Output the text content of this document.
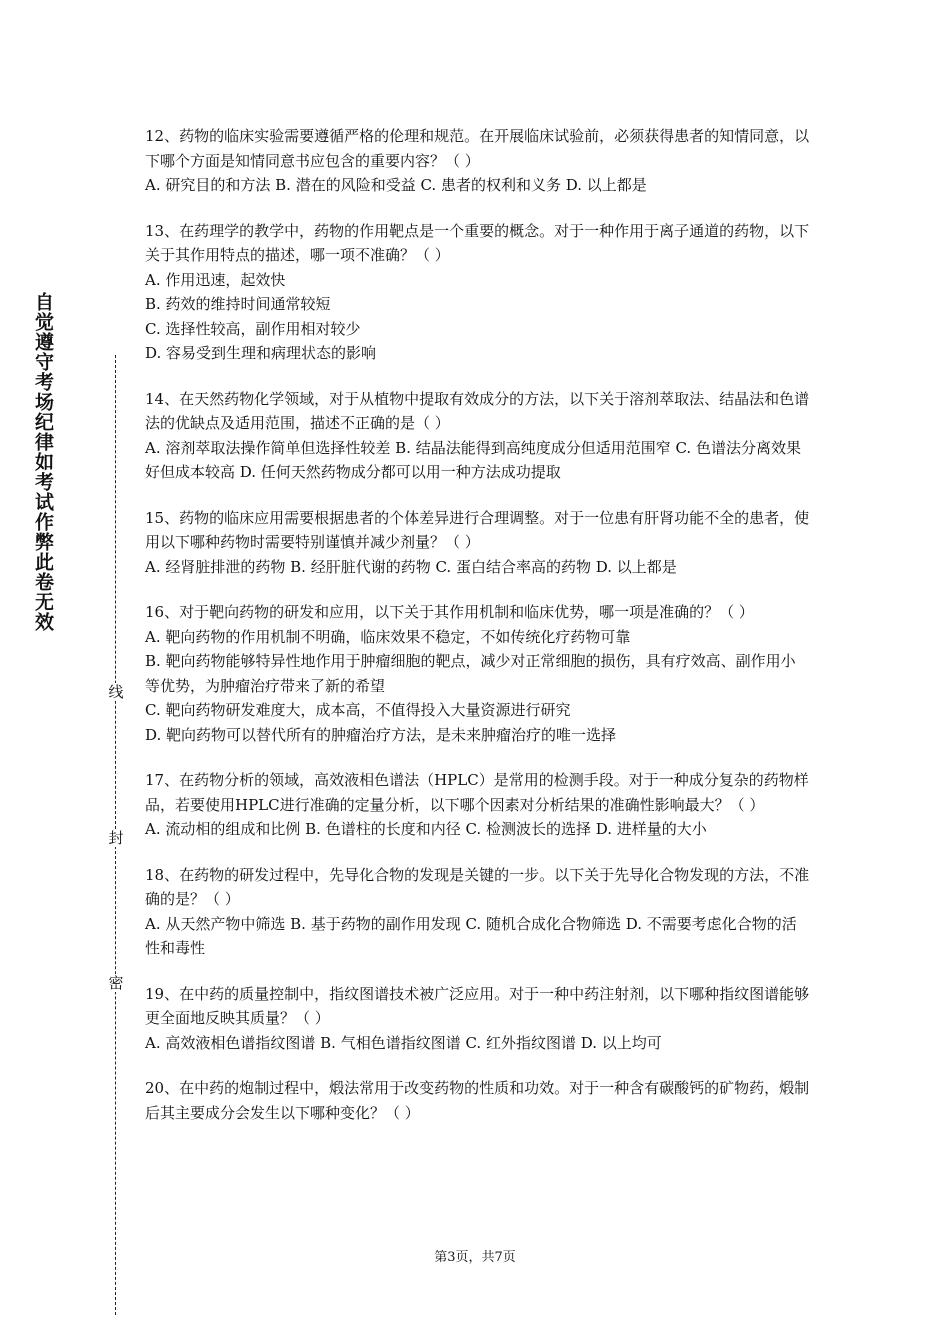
自觉遵守考场纪律如考试作弊此卷无效
线
封
密

12、药物的临床实验需要遵循严格的伦理和规范。在开展临床试验前，必须获得患者的知情同意，以下哪个方面是知情同意书应包含的重要内容？（ ）

A. 研究目的和方法 B. 潜在的风险和受益 C. 患者的权利和义务 D. 以上都是

13、在药理学的教学中，药物的作用靶点是一个重要的概念。对于一种作用于离子通道的药物，以下关于其作用特点的描述，哪一项不准确？（ ）

A. 作用迅速，起效快

B. 药效的维持时间通常较短

C. 选择性较高，副作用相对较少

D. 容易受到生理和病理状态的影响

14、在天然药物化学领域，对于从植物中提取有效成分的方法，以下关于溶剂萃取法、结晶法和色谱法的优缺点及适用范围，描述不正确的是（ ）

A. 溶剂萃取法操作简单但选择性较差 B. 结晶法能得到高纯度成分但适用范围窄 C. 色谱法分离效果好但成本较高 D. 任何天然药物成分都可以用一种方法成功提取

15、药物的临床应用需要根据患者的个体差异进行合理调整。对于一位患有肝肾功能不全的患者，使用以下哪种药物时需要特别谨慎并减少剂量？（ ）

A. 经肾脏排泄的药物 B. 经肝脏代谢的药物 C. 蛋白结合率高的药物 D. 以上都是

16、对于靶向药物的研发和应用，以下关于其作用机制和临床优势，哪一项是准确的？（ ）

A. 靶向药物的作用机制不明确，临床效果不稳定，不如传统化疗药物可靠

B. 靶向药物能够特异性地作用于肿瘤细胞的靶点，减少对正常细胞的损伤，具有疗效高、副作用小等优势，为肿瘤治疗带来了新的希望

C. 靶向药物研发难度大，成本高，不值得投入大量资源进行研究

D. 靶向药物可以替代所有的肿瘤治疗方法，是未来肿瘤治疗的唯一选择

17、在药物分析的领域，高效液相色谱法（HPLC）是常用的检测手段。对于一种成分复杂的药物样品，若要使用HPLC进行准确的定量分析，以下哪个因素对分析结果的准确性影响最大？（ ）

A. 流动相的组成和比例 B. 色谱柱的长度和内径 C. 检测波长的选择 D. 进样量的大小

18、在药物的研发过程中，先导化合物的发现是关键的一步。以下关于先导化合物发现的方法，不准确的是？（ ）

A. 从天然产物中筛选 B. 基于药物的副作用发现 C. 随机合成化合物筛选 D. 不需要考虑化合物的活性和毒性

19、在中药的质量控制中，指纹图谱技术被广泛应用。对于一种中药注射剂，以下哪种指纹图谱能够更全面地反映其质量？（ ）

A. 高效液相色谱指纹图谱 B. 气相色谱指纹图谱 C. 红外指纹图谱 D. 以上均可

20、在中药的炮制过程中，煅法常用于改变药物的性质和功效。对于一种含有碳酸钙的矿物药，煅制后其主要成分会发生以下哪种变化？（ ）

第3页，共7页
